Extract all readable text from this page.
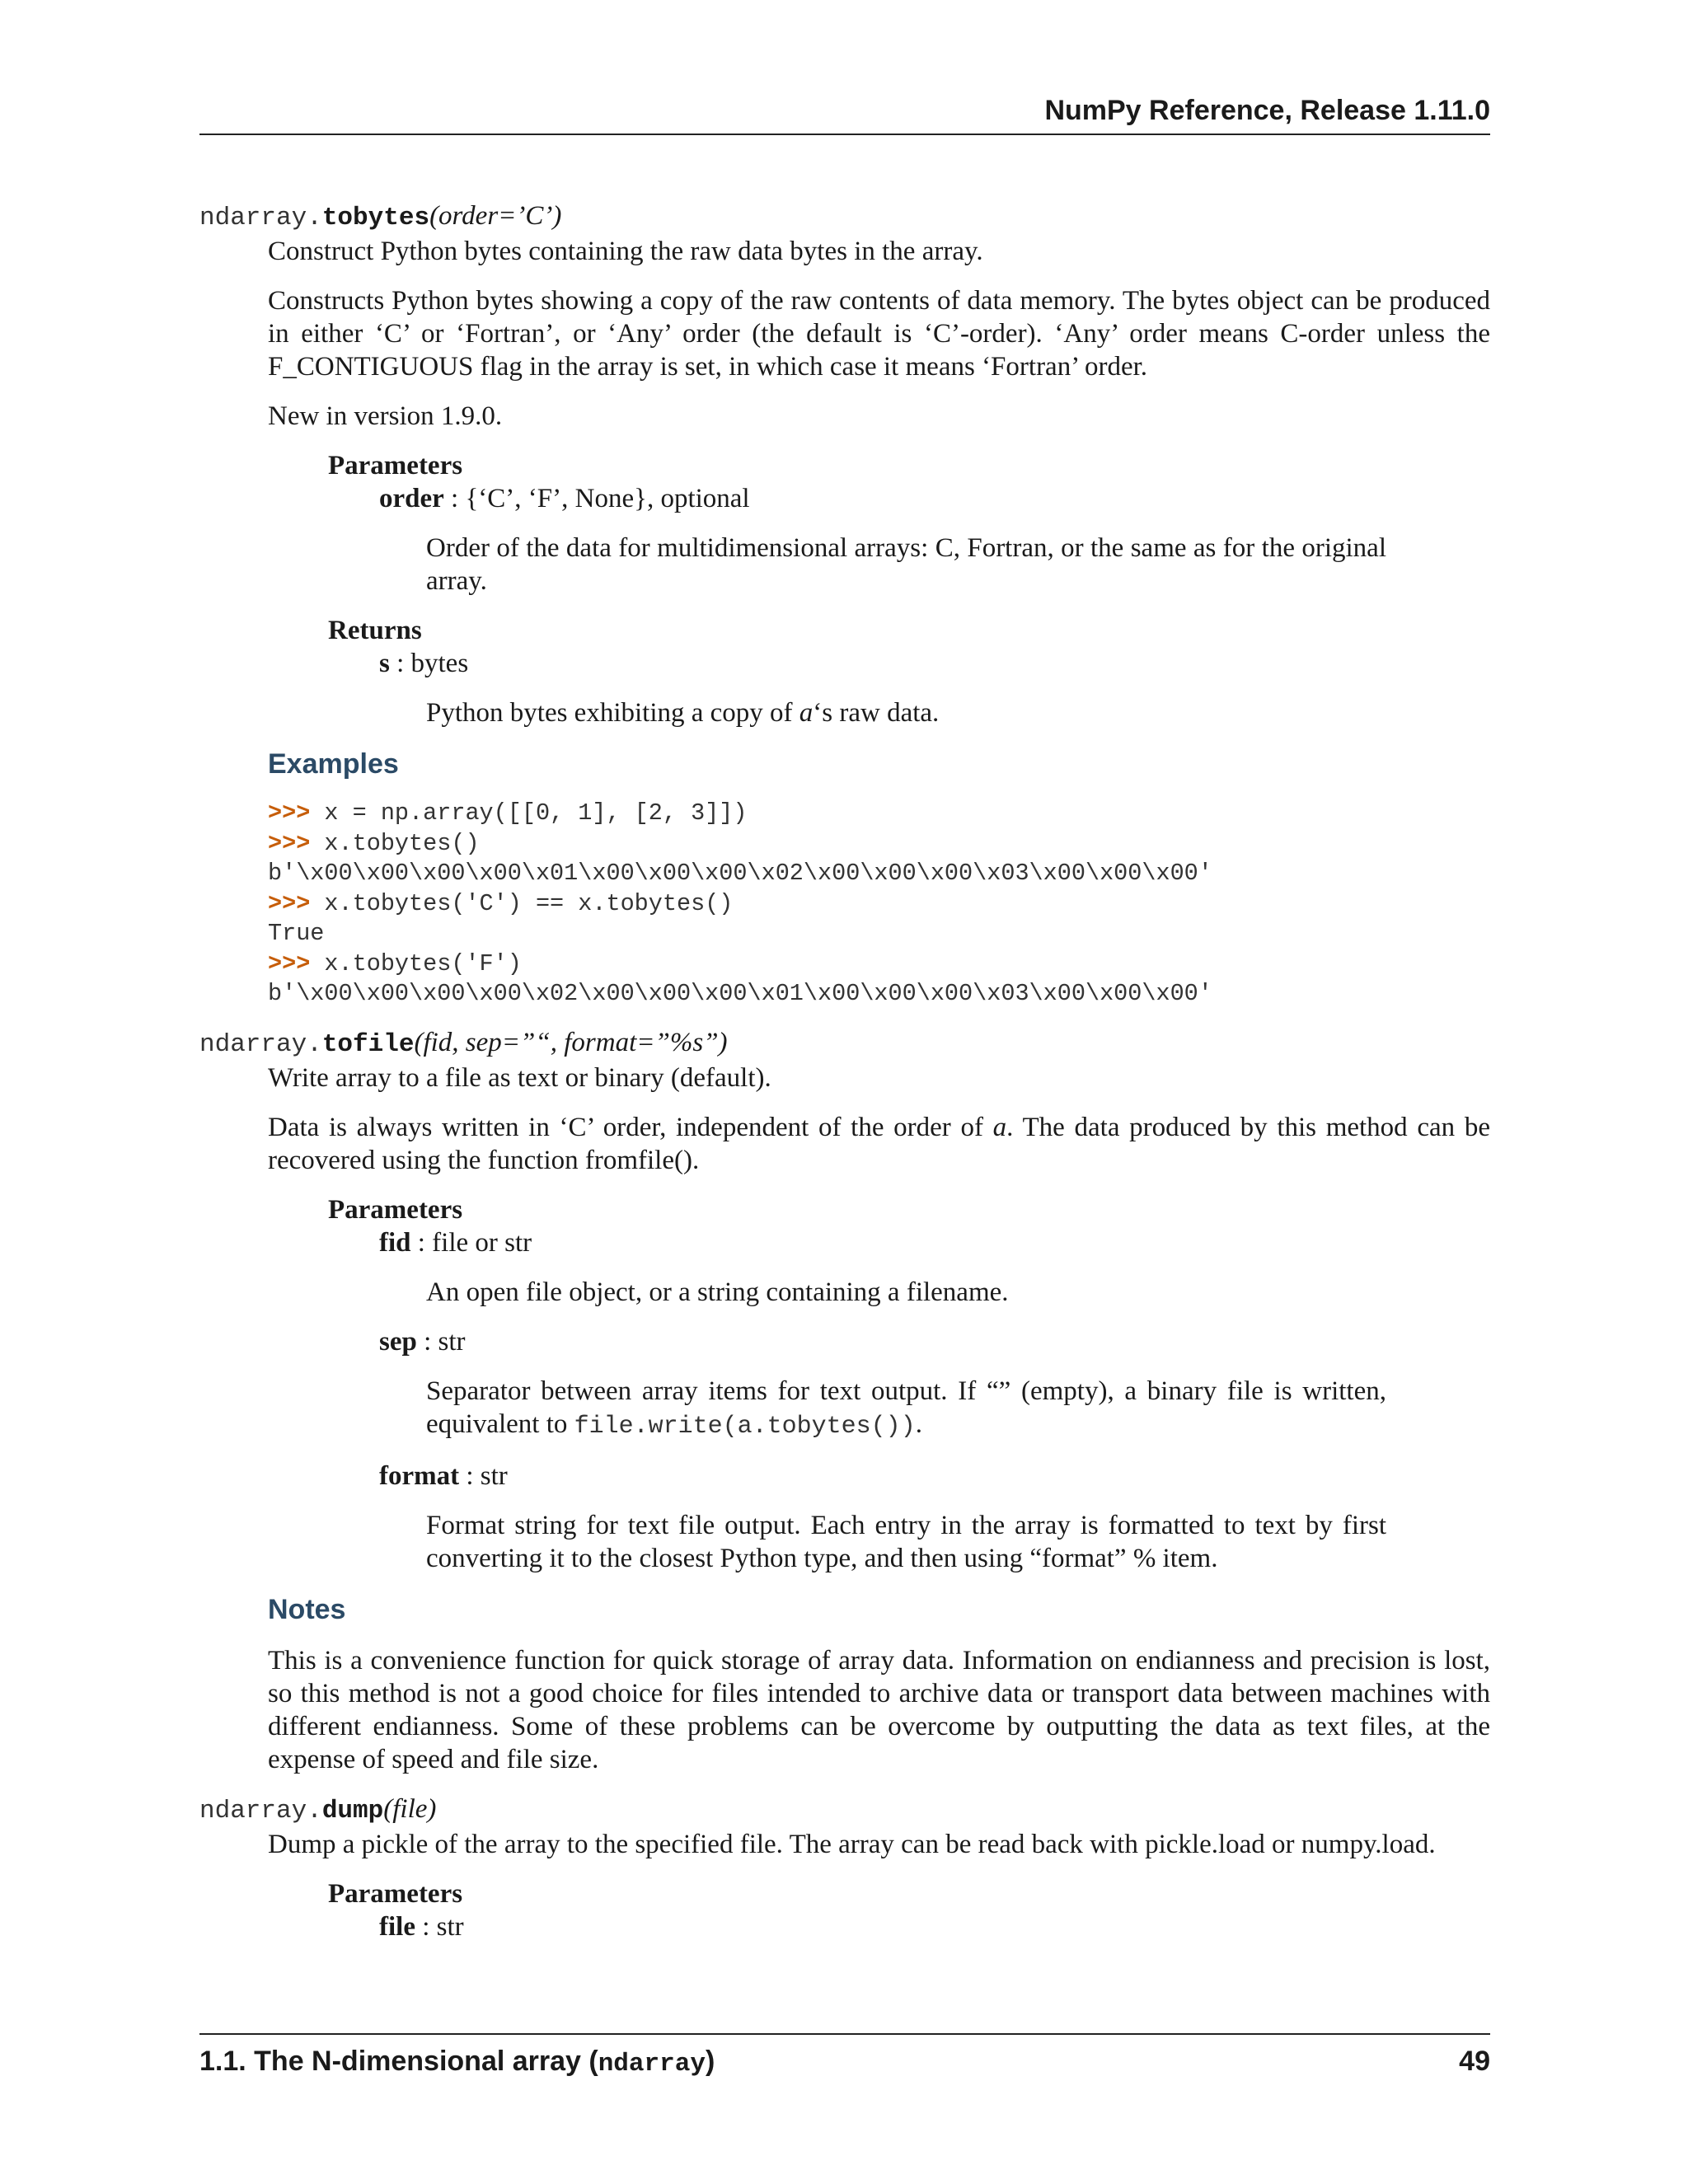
NumPy Reference, Release 1.11.0
ndarray.tobytes(order=’C’)

Construct Python bytes containing the raw data bytes in the array.

Constructs Python bytes showing a copy of the raw contents of data memory. The bytes object can be produced in either ‘C’ or ‘Fortran’, or ‘Any’ order (the default is ‘C’-order). ‘Any’ order means C-order unless the F_CONTIGUOUS flag in the array is set, in which case it means ‘Fortran’ order.

New in version 1.9.0.

Parameters
order : {‘C’, ‘F’, None}, optional
Order of the data for multidimensional arrays: C, Fortran, or the same as for the original array.
Returns
s : bytes
Python bytes exhibiting a copy of a‘s raw data.
Examples
>>> x = np.array([[0, 1], [2, 3]])
>>> x.tobytes()
b'\x00\x00\x00\x00\x01\x00\x00\x00\x02\x00\x00\x00\x03\x00\x00\x00'
>>> x.tobytes('C') == x.tobytes()
True
>>> x.tobytes('F')
b'\x00\x00\x00\x00\x02\x00\x00\x00\x01\x00\x00\x00\x03\x00\x00\x00'
ndarray.tofile(fid, sep=”“, format=”%s”)

Write array to a file as text or binary (default).

Data is always written in ‘C’ order, independent of the order of a. The data produced by this method can be recovered using the function fromfile().

Parameters
fid : file or str
An open file object, or a string containing a filename.
sep : str
Separator between array items for text output. If “” (empty), a binary file is written, equivalent to file.write(a.tobytes()).
format : str
Format string for text file output. Each entry in the array is formatted to text by first converting it to the closest Python type, and then using “format” % item.
Notes

This is a convenience function for quick storage of array data. Information on endianness and precision is lost, so this method is not a good choice for files intended to archive data or transport data between machines with different endianness. Some of these problems can be overcome by outputting the data as text files, at the expense of speed and file size.

ndarray.dump(file)

Dump a pickle of the array to the specified file. The array can be read back with pickle.load or numpy.load.

Parameters
file : str
1.1. The N-dimensional array (ndarray)	49
